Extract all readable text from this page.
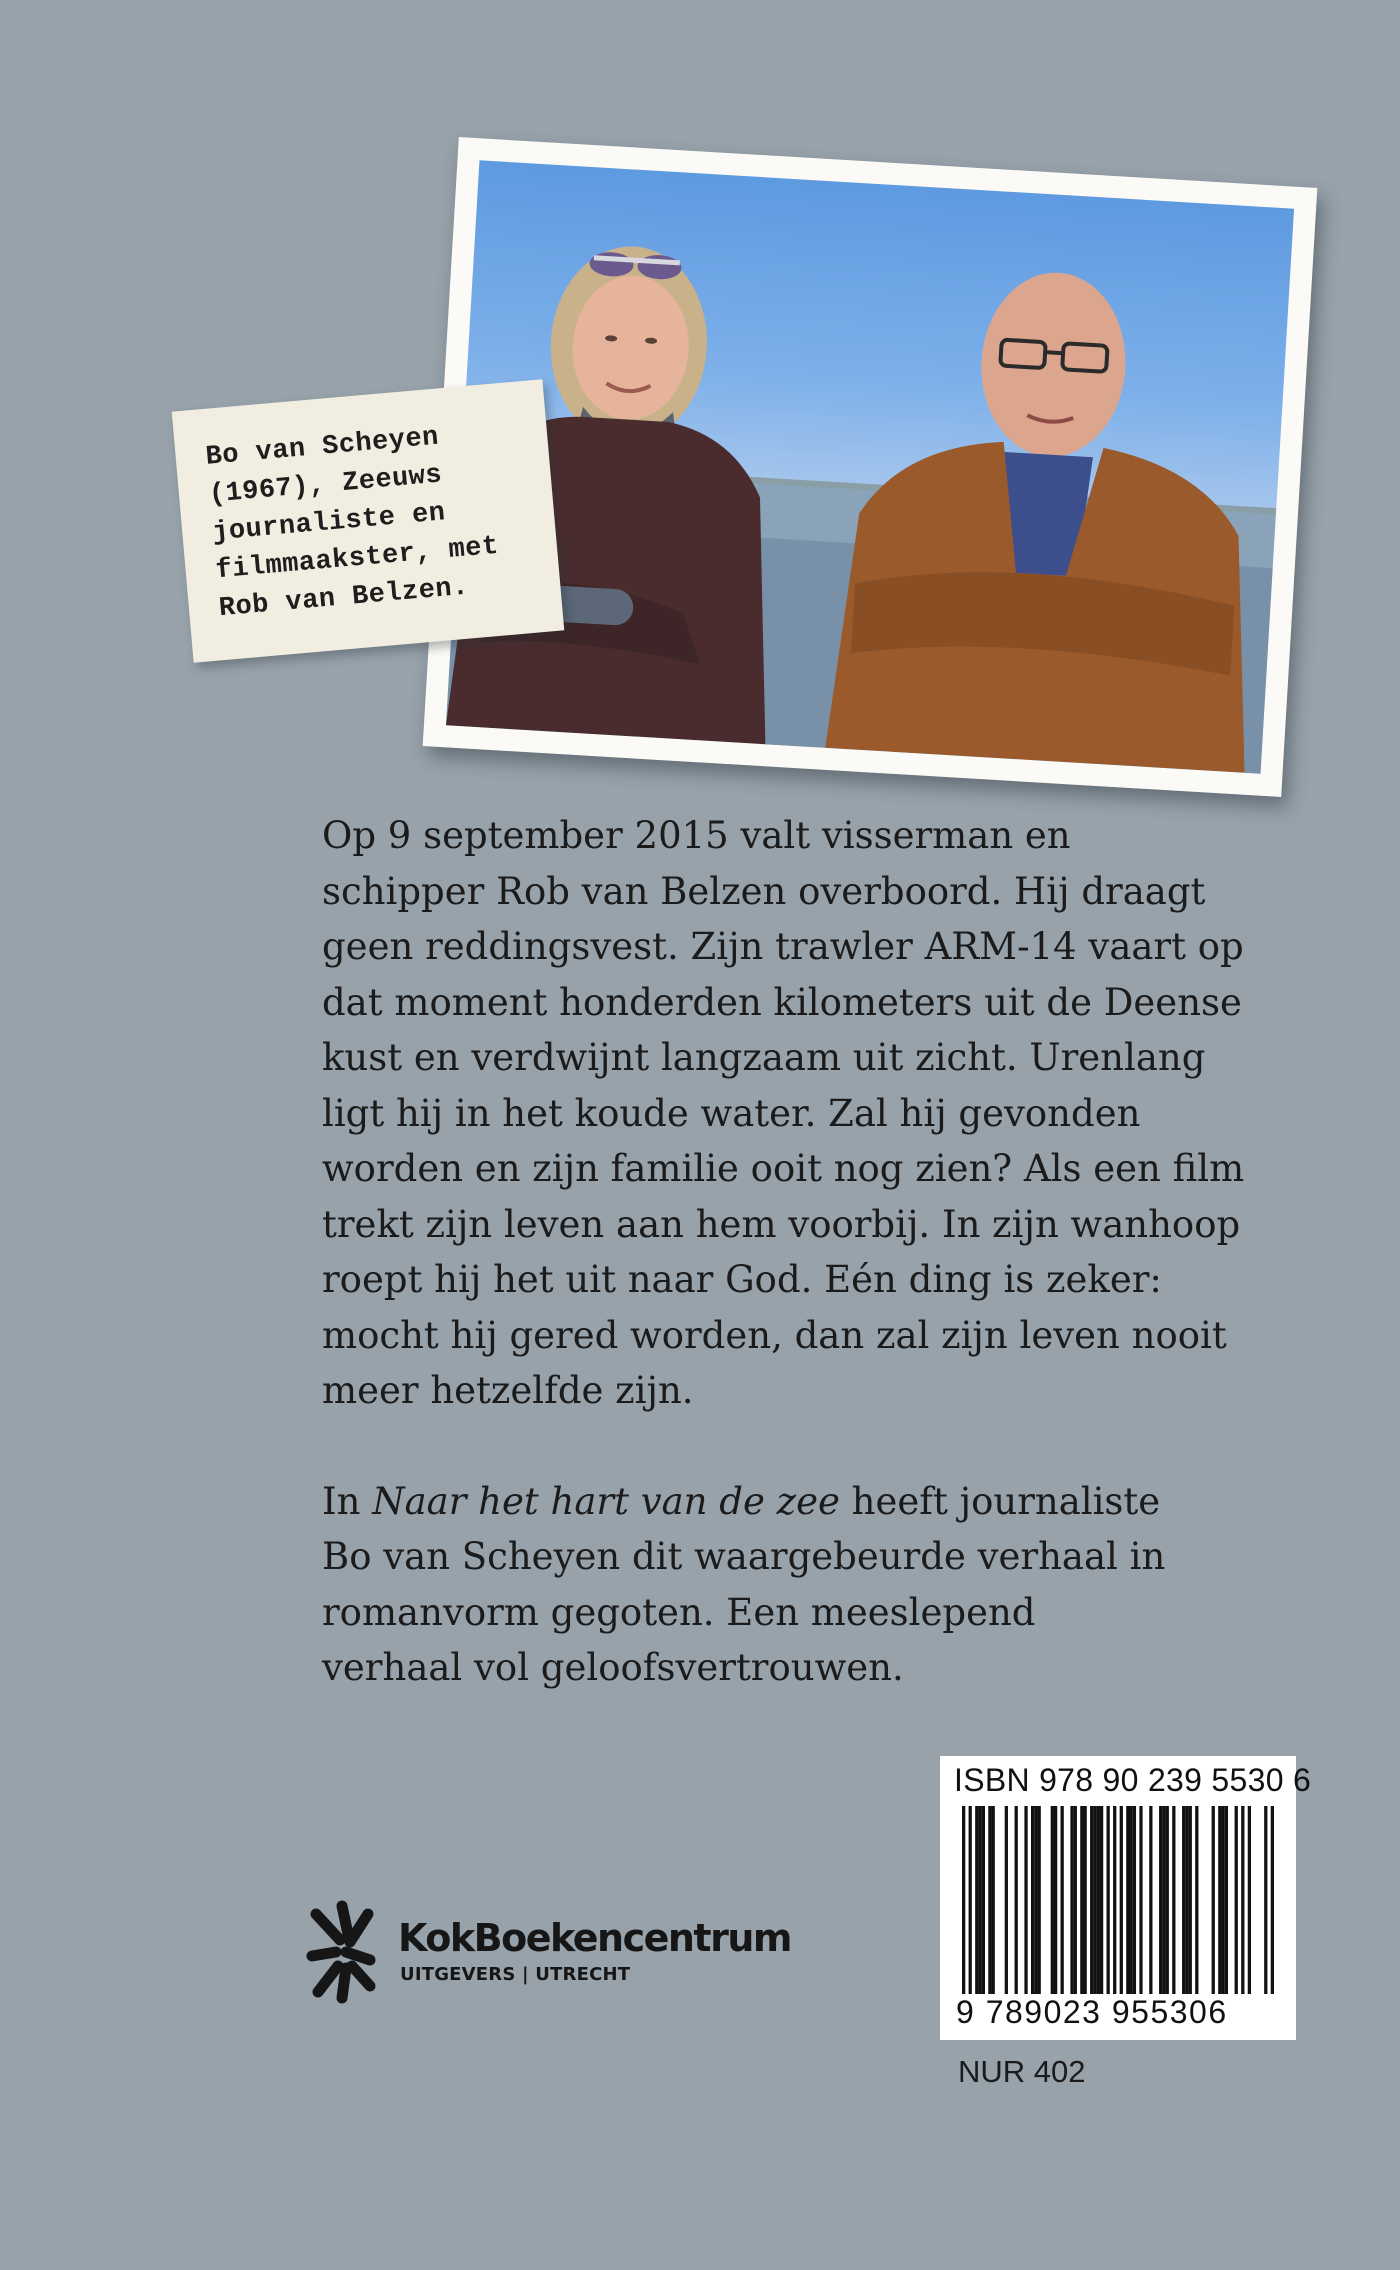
Bo van Scheyen
(1967), Zeeuws
journaliste en
filmmaakster, met
Rob van Belzen.

Op 9 september 2015 valt visserman en
schipper Rob van Belzen overboord. Hij draagt
geen reddingsvest. Zijn trawler ARM-14 vaart op
dat moment honderden kilometers uit de Deense
kust en verdwijnt langzaam uit zicht. Urenlang
ligt hij in het koude water. Zal hij gevonden
worden en zijn familie ooit nog zien? Als een film
trekt zijn leven aan hem voorbij. In zijn wanhoop
roept hij het uit naar God. Eén ding is zeker:
mocht hij gered worden, dan zal zijn leven nooit
meer hetzelfde zijn.

In Naar het hart van de zee heeft journaliste
Bo van Scheyen dit waargebeurde verhaal in
romanvorm gegoten. Een meeslepend
verhaal vol geloofsvertrouwen.

KokBoekencentrum
UITGEVERS | UTRECHT
ISBN 978 90 239 5530 6
9 789023 955306
NUR 402
